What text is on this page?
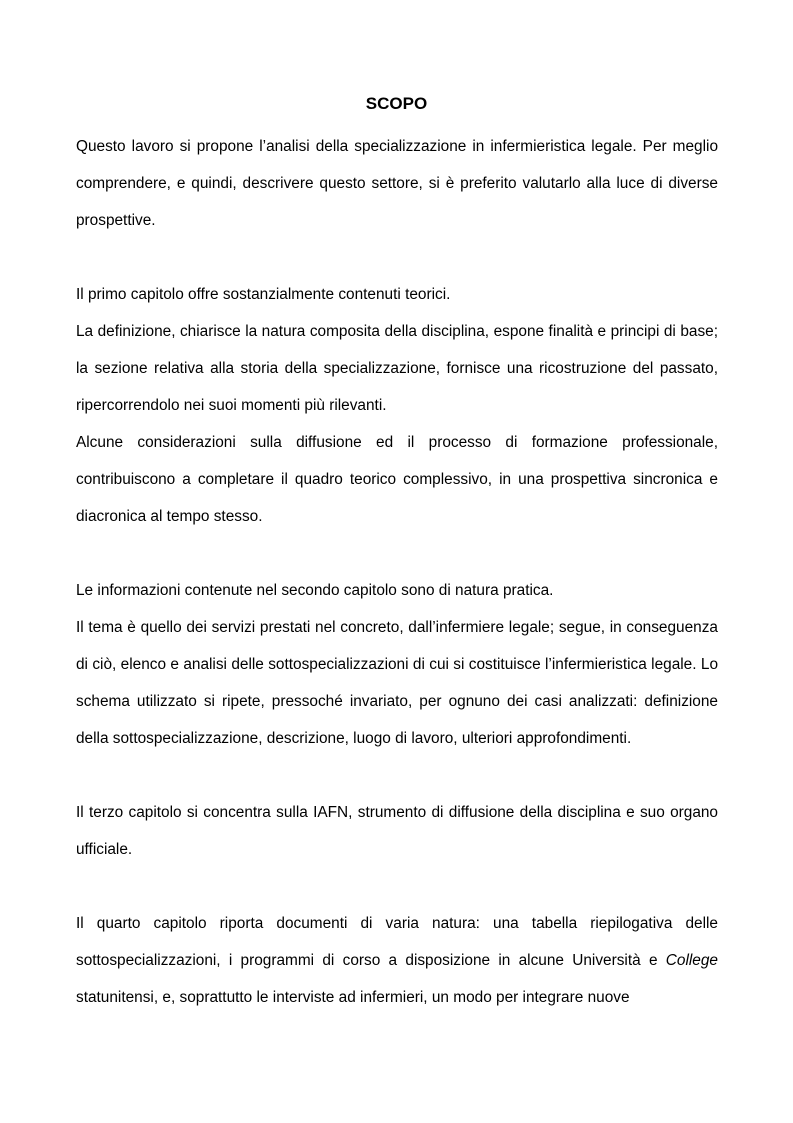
SCOPO

Questo lavoro si propone l’analisi della specializzazione in infermieristica legale. Per meglio comprendere, e quindi, descrivere questo settore, si è preferito valutarlo alla luce di diverse prospettive.

Il primo capitolo offre sostanzialmente contenuti teorici.

La definizione, chiarisce la natura composita della disciplina, espone finalità e principi di base; la sezione relativa alla storia della specializzazione, fornisce una ricostruzione del passato, ripercorrendolo nei suoi momenti più rilevanti.

Alcune considerazioni sulla diffusione ed il processo di formazione professionale, contribuiscono a completare il quadro teorico complessivo, in una prospettiva sincronica e diacronica al tempo stesso.

Le informazioni contenute nel secondo capitolo sono di natura pratica.

Il tema è quello dei servizi prestati nel concreto, dall’infermiere legale; segue, in conseguenza di ciò, elenco e analisi delle sottospecializzazioni di cui si costituisce l’infermieristica legale. Lo schema utilizzato si ripete, pressoché invariato, per ognuno dei casi analizzati: definizione della sottospecializzazione, descrizione, luogo di lavoro, ulteriori approfondimenti.

Il terzo capitolo si concentra sulla IAFN, strumento di diffusione della disciplina e suo organo ufficiale.

Il quarto capitolo riporta documenti di varia natura: una tabella riepilogativa delle sottospecializzazioni, i programmi di corso a disposizione in alcune Università e College statunitensi, e, soprattutto le interviste ad infermieri, un modo per integrare nuove
